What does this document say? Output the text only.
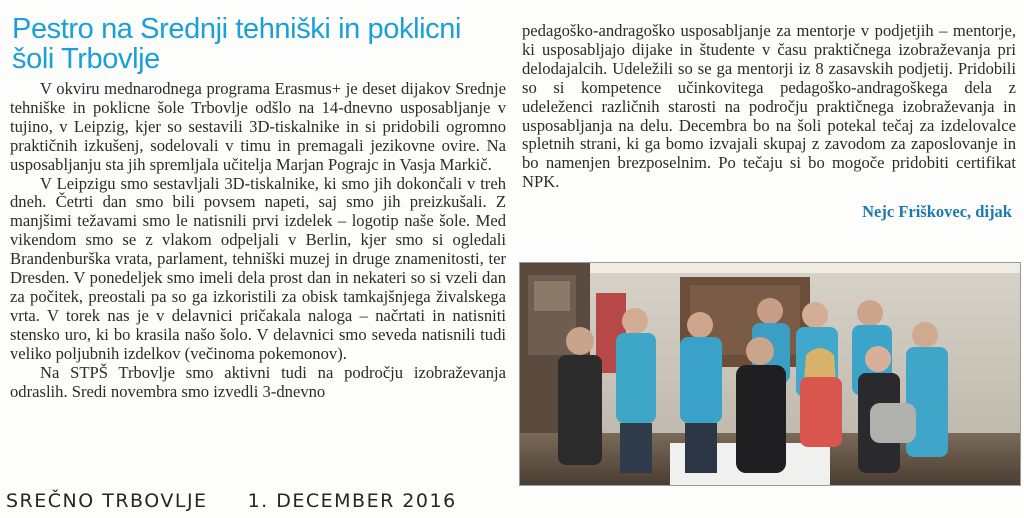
Pestro na Srednji tehniški in poklicni šoli Trbovlje

V okviru mednarodnega programa Erasmus+ je deset dijakov Srednje tehniške in poklicne šole Trbovlje odšlo na 14-dnevno usposabljanje v tujino, v Leipzig, kjer so sestavili 3D-tiskalnike in si pridobili ogromno praktičnih izkušenj, sodelovali v timu in premagali jezikovne ovire. Na usposabljanju sta jih spremljala učitelja Marjan Pograjc in Vasja Markič.

V Leipzigu smo sestavljali 3D-tiskalnike, ki smo jih dokončali v treh dneh. Četrti dan smo bili povsem napeti, saj smo jih preizkušali. Z manjšimi težavami smo le natisnili prvi izdelek – logotip naše šole. Med vikendom smo se z vlakom odpeljali v Berlin, kjer smo si ogledali Brandenburška vrata, parlament, tehniški muzej in druge znamenitosti, ter Dresden. V ponedeljek smo imeli dela prost dan in nekateri so si vzeli dan za počitek, preostali pa so ga izkoristili za obisk tamkajšnjega živalskega vrta. V torek nas je v delavnici pričakala naloga – načrtati in natisniti stensko uro, ki bo krasila našo šolo. V delavnici smo seveda natisnili tudi veliko poljubnih izdelkov (večinoma pokemonov).

Na STPŠ Trbovlje smo aktivni tudi na področju izobraževanja odraslih. Sredi novembra smo izvedli 3-dnevno

pedagoško-andragoško usposabljanje za mentorje v podjetjih – mentorje, ki usposabljajo dijake in študente v času praktičnega izobraževanja pri delodajalcih. Udeležili so se ga mentorji iz 8 zasavskih podjetij. Pridobili so si kompetence učinkovitega pedagoško-andragoškega dela z udeleženci različnih starosti na področju praktičnega izobraževanja in usposabljanja na delu. Decembra bo na šoli potekal tečaj za izdelovalce spletnih strani, ki ga bomo izvajali skupaj z zavodom za zaposlovanje in bo namenjen brezposelnim. Po tečaju si bo mogoče pridobiti certifikat NPK.

Nejc Friškovec, dijak
SREČNO TRBOVLJE 1. DECEMBER 2016
